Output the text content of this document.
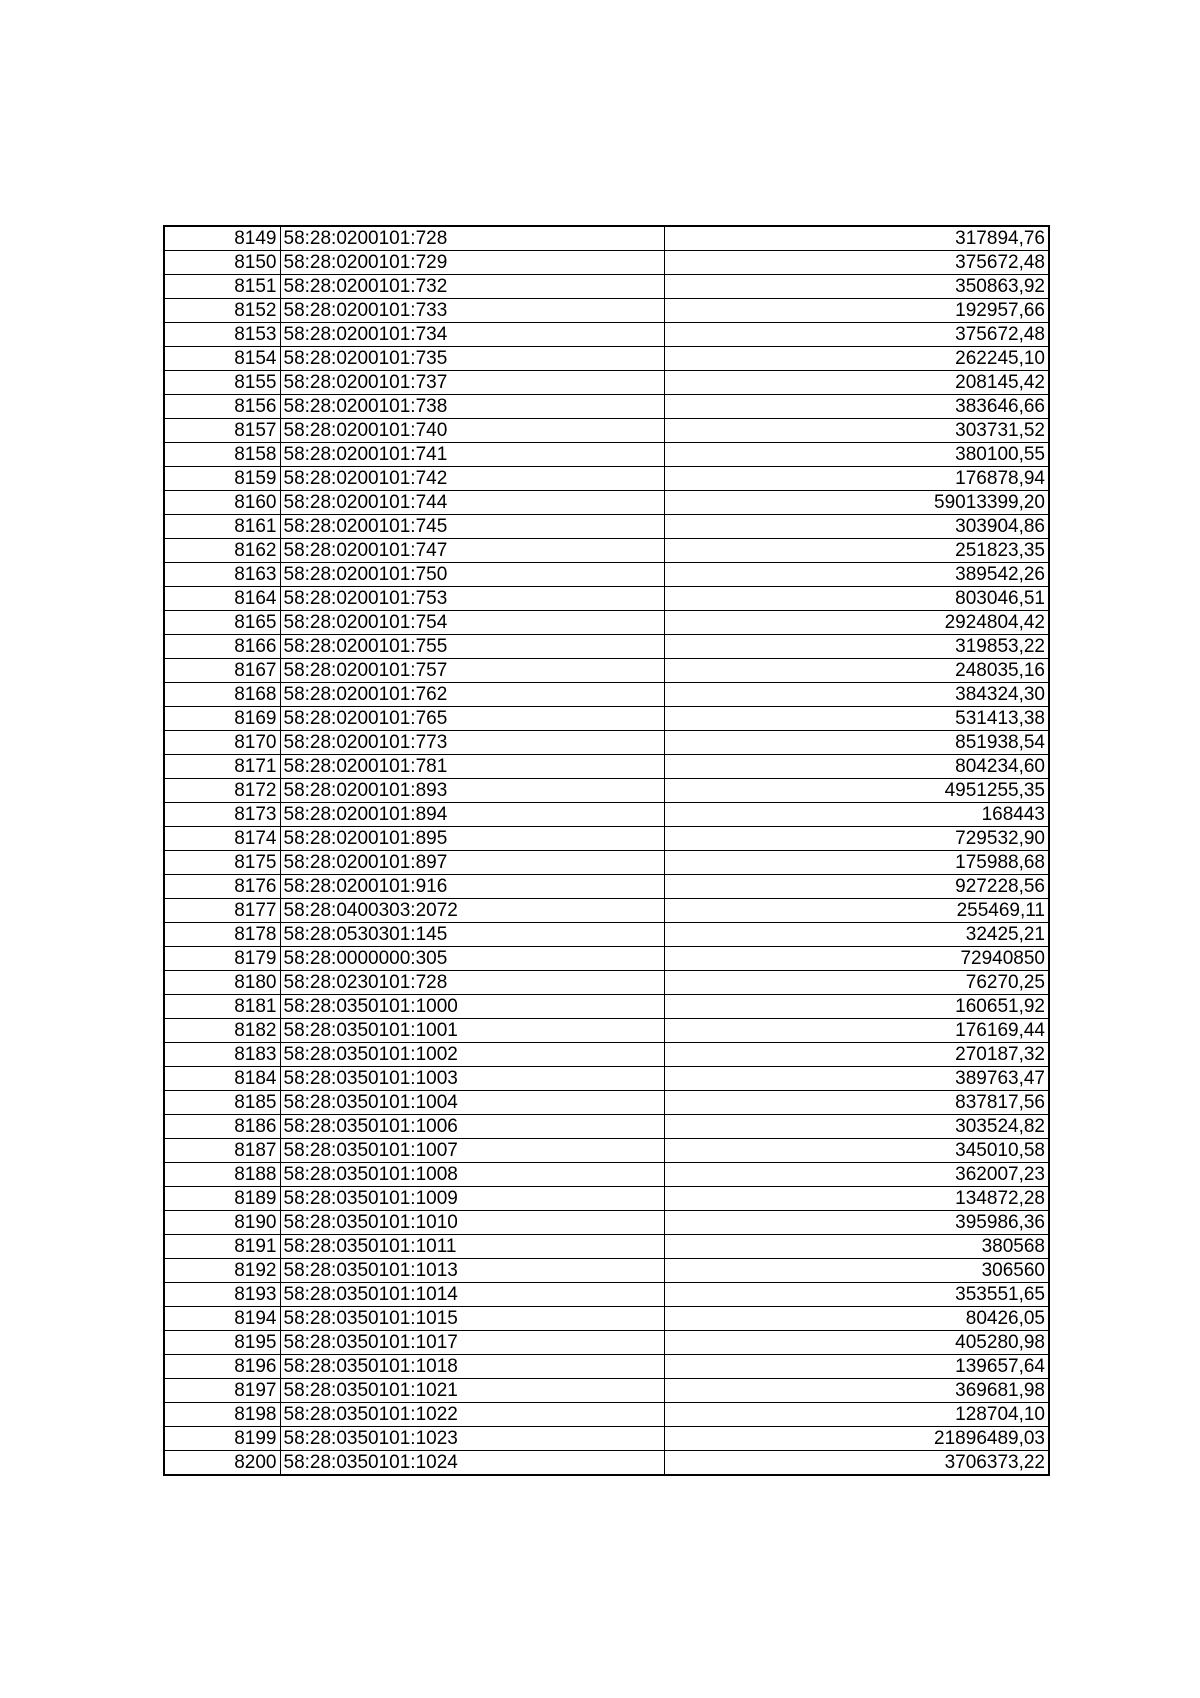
8149	58:28:0200101:728	317894,76
8150	58:28:0200101:729	375672,48
8151	58:28:0200101:732	350863,92
8152	58:28:0200101:733	192957,66
8153	58:28:0200101:734	375672,48
8154	58:28:0200101:735	262245,10
8155	58:28:0200101:737	208145,42
8156	58:28:0200101:738	383646,66
8157	58:28:0200101:740	303731,52
8158	58:28:0200101:741	380100,55
8159	58:28:0200101:742	176878,94
8160	58:28:0200101:744	59013399,20
8161	58:28:0200101:745	303904,86
8162	58:28:0200101:747	251823,35
8163	58:28:0200101:750	389542,26
8164	58:28:0200101:753	803046,51
8165	58:28:0200101:754	2924804,42
8166	58:28:0200101:755	319853,22
8167	58:28:0200101:757	248035,16
8168	58:28:0200101:762	384324,30
8169	58:28:0200101:765	531413,38
8170	58:28:0200101:773	851938,54
8171	58:28:0200101:781	804234,60
8172	58:28:0200101:893	4951255,35
8173	58:28:0200101:894	168443
8174	58:28:0200101:895	729532,90
8175	58:28:0200101:897	175988,68
8176	58:28:0200101:916	927228,56
8177	58:28:0400303:2072	255469,11
8178	58:28:0530301:145	32425,21
8179	58:28:0000000:305	72940850
8180	58:28:0230101:728	76270,25
8181	58:28:0350101:1000	160651,92
8182	58:28:0350101:1001	176169,44
8183	58:28:0350101:1002	270187,32
8184	58:28:0350101:1003	389763,47
8185	58:28:0350101:1004	837817,56
8186	58:28:0350101:1006	303524,82
8187	58:28:0350101:1007	345010,58
8188	58:28:0350101:1008	362007,23
8189	58:28:0350101:1009	134872,28
8190	58:28:0350101:1010	395986,36
8191	58:28:0350101:1011	380568
8192	58:28:0350101:1013	306560
8193	58:28:0350101:1014	353551,65
8194	58:28:0350101:1015	80426,05
8195	58:28:0350101:1017	405280,98
8196	58:28:0350101:1018	139657,64
8197	58:28:0350101:1021	369681,98
8198	58:28:0350101:1022	128704,10
8199	58:28:0350101:1023	21896489,03
8200	58:28:0350101:1024	3706373,22
